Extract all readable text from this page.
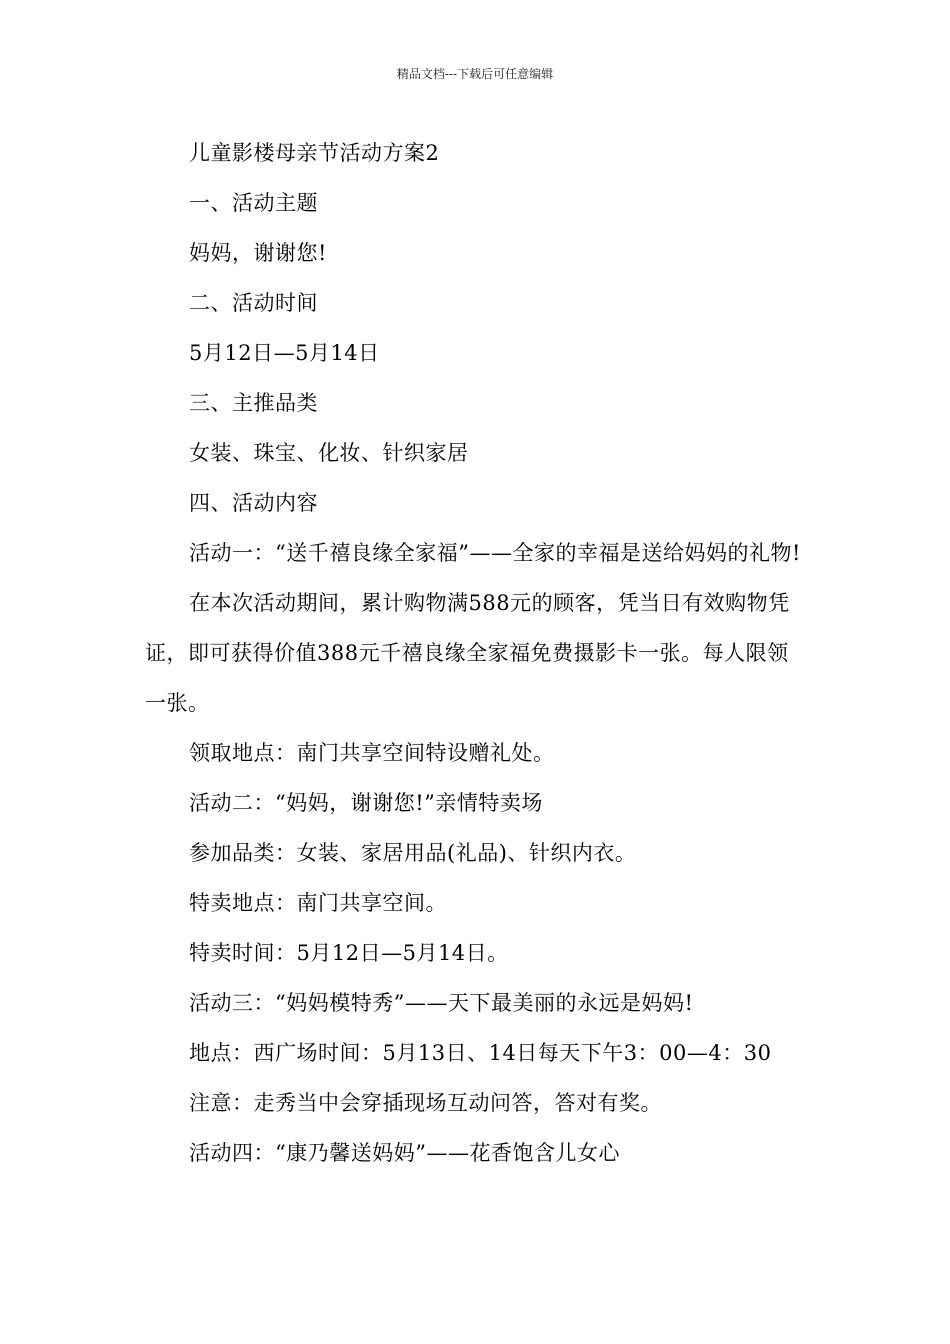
精品文档---下载后可任意编辑

儿童影楼母亲节活动方案2

一、活动主题

妈妈，谢谢您!

二、活动时间

5月12日—5月14日

三、主推品类

女装、珠宝、化妆、针织家居

四、活动内容

活动一：“送千禧良缘全家福”——全家的幸福是送给妈妈的礼物!

在本次活动期间，累计购物满588元的顾客，凭当日有效购物凭证，即可获得价值388元千禧良缘全家福免费摄影卡一张。每人限领一张。

领取地点：南门共享空间特设赠礼处。

活动二：“妈妈，谢谢您!”亲情特卖场

参加品类：女装、家居用品(礼品)、针织内衣。

特卖地点：南门共享空间。

特卖时间：5月12日—5月14日。

活动三：“妈妈模特秀”——天下最美丽的永远是妈妈!

地点：西广场时间：5月13日、14日每天下午3：00—4：30

注意：走秀当中会穿插现场互动问答，答对有奖。

活动四：“康乃馨送妈妈”——花香饱含儿女心
